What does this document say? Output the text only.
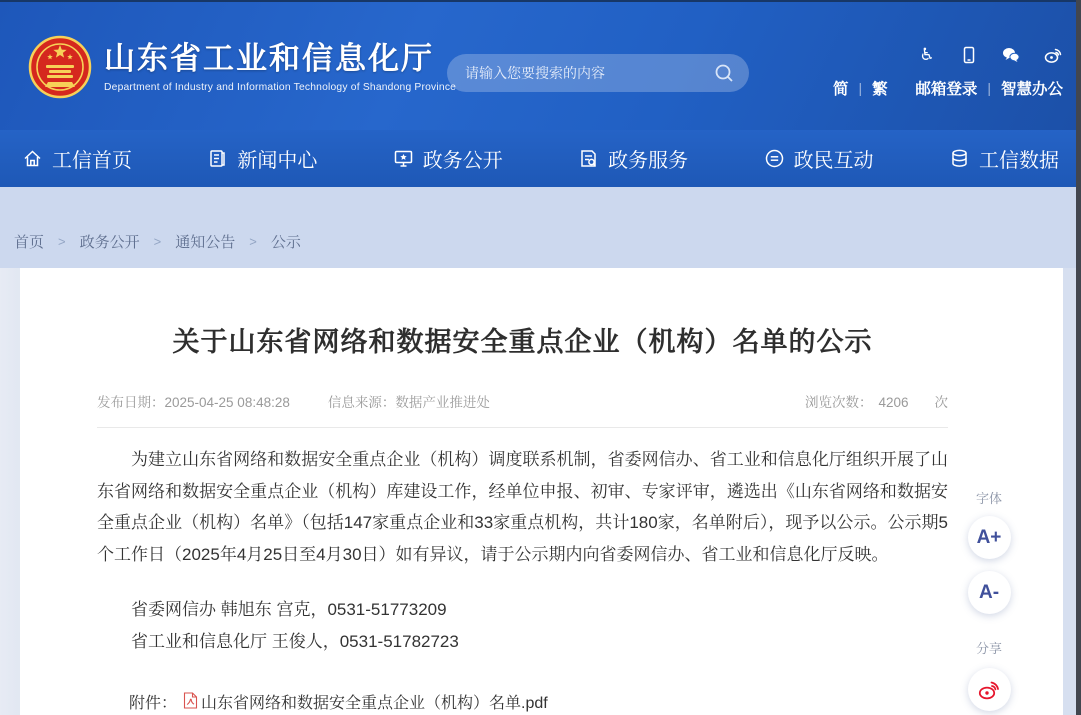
山东省工业和信息化厅
Department of Industry and Information Technology of Shandong Province
请输入您要搜索的内容
♿
简 | 繁 邮箱登录 | 智慧办公
工信首页	新闻中心	政务公开	政务服务	政民互动	工信数据
首页 > 政务公开 > 通知公告 > 公示
关于山东省网络和数据安全重点企业（机构）名单的公示
发布日期：2025-04-25 08:48:28	信息来源：数据产业推进处	浏览次数： 4206 次

为建立山东省网络和数据安全重点企业（机构）调度联系机制，省委网信办、省工业和信息化厅组织开展了山东省网络和数据安全重点企业（机构）库建设工作，经单位申报、初审、专家评审，遴选出《山东省网络和数据安全重点企业（机构）名单》（包括147家重点企业和33家重点机构，共计180家，名单附后），现予以公示。公示期5个工作日（2025年4月25日至4月30日）如有异议，请于公示期内向省委网信办、省工业和信息化厅反映。

省委网信办 韩旭东 宫克，0531-51773209

省工业和信息化厅 王俊人，0531-51782723

附件： 山东省网络和数据安全重点企业（机构）名单.pdf
字体
A+
A-
分享
